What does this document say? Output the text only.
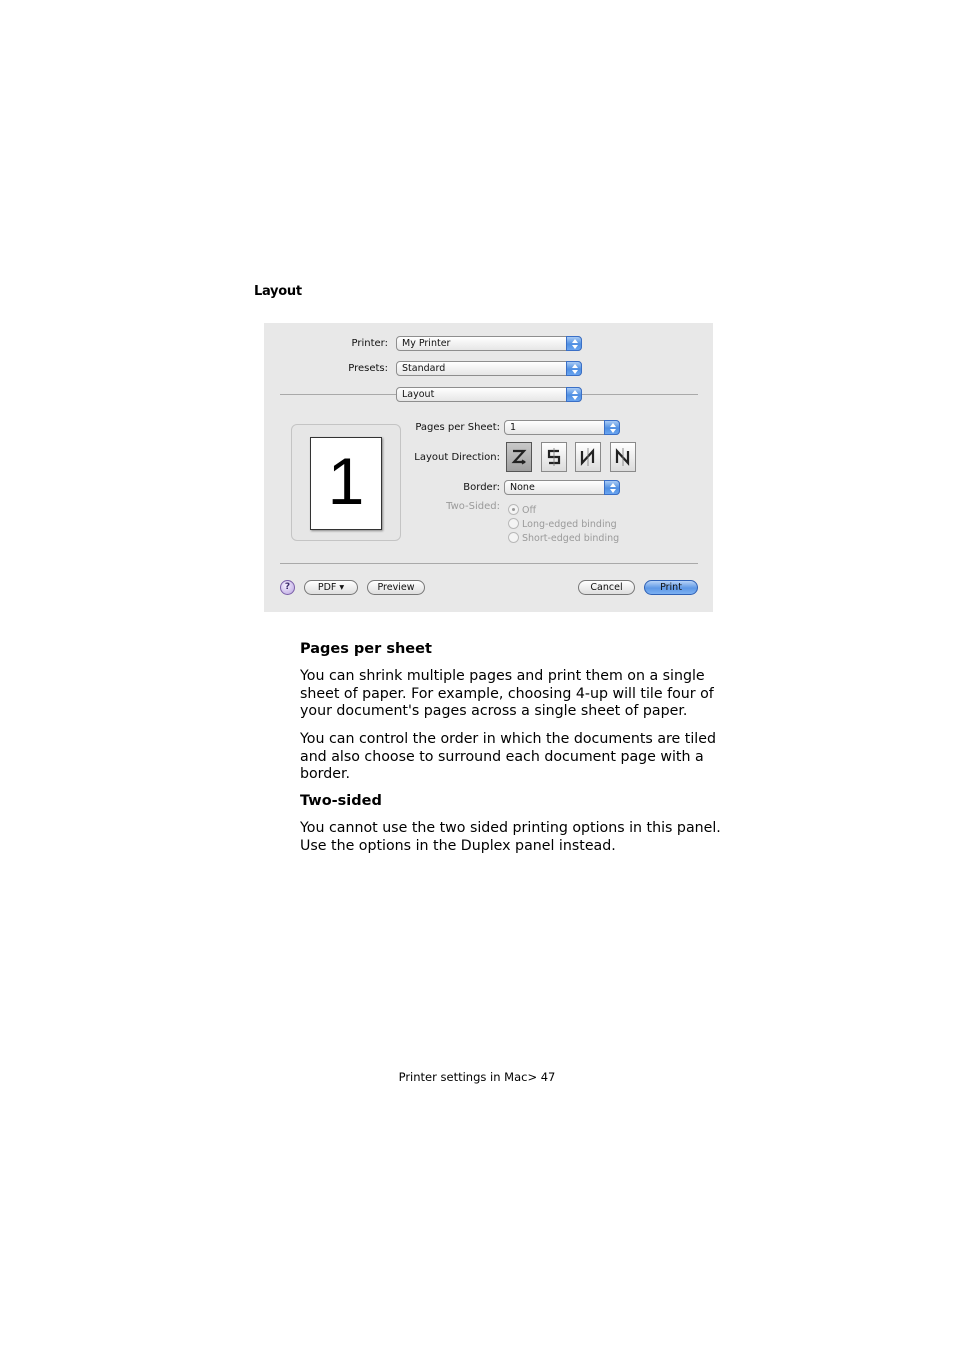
Layout
Printer: My Printer
Presets: Standard
Layout
1
Pages per Sheet: 1
Layout Direction:
Border: None
Two-Sided:	Off
Long-edged binding
Short-edged binding
?	PDF ▾	Preview	Cancel	Print
Pages per sheet

You can shrink multiple pages and print them on a single sheet of paper. For example, choosing 4-up will tile four of your document's pages across a single sheet of paper.

You can control the order in which the documents are tiled and also choose to surround each document page with a border.

Two-sided

You cannot use the two sided printing options in this panel. Use the options in the Duplex panel instead.

Printer settings in Mac> 47
